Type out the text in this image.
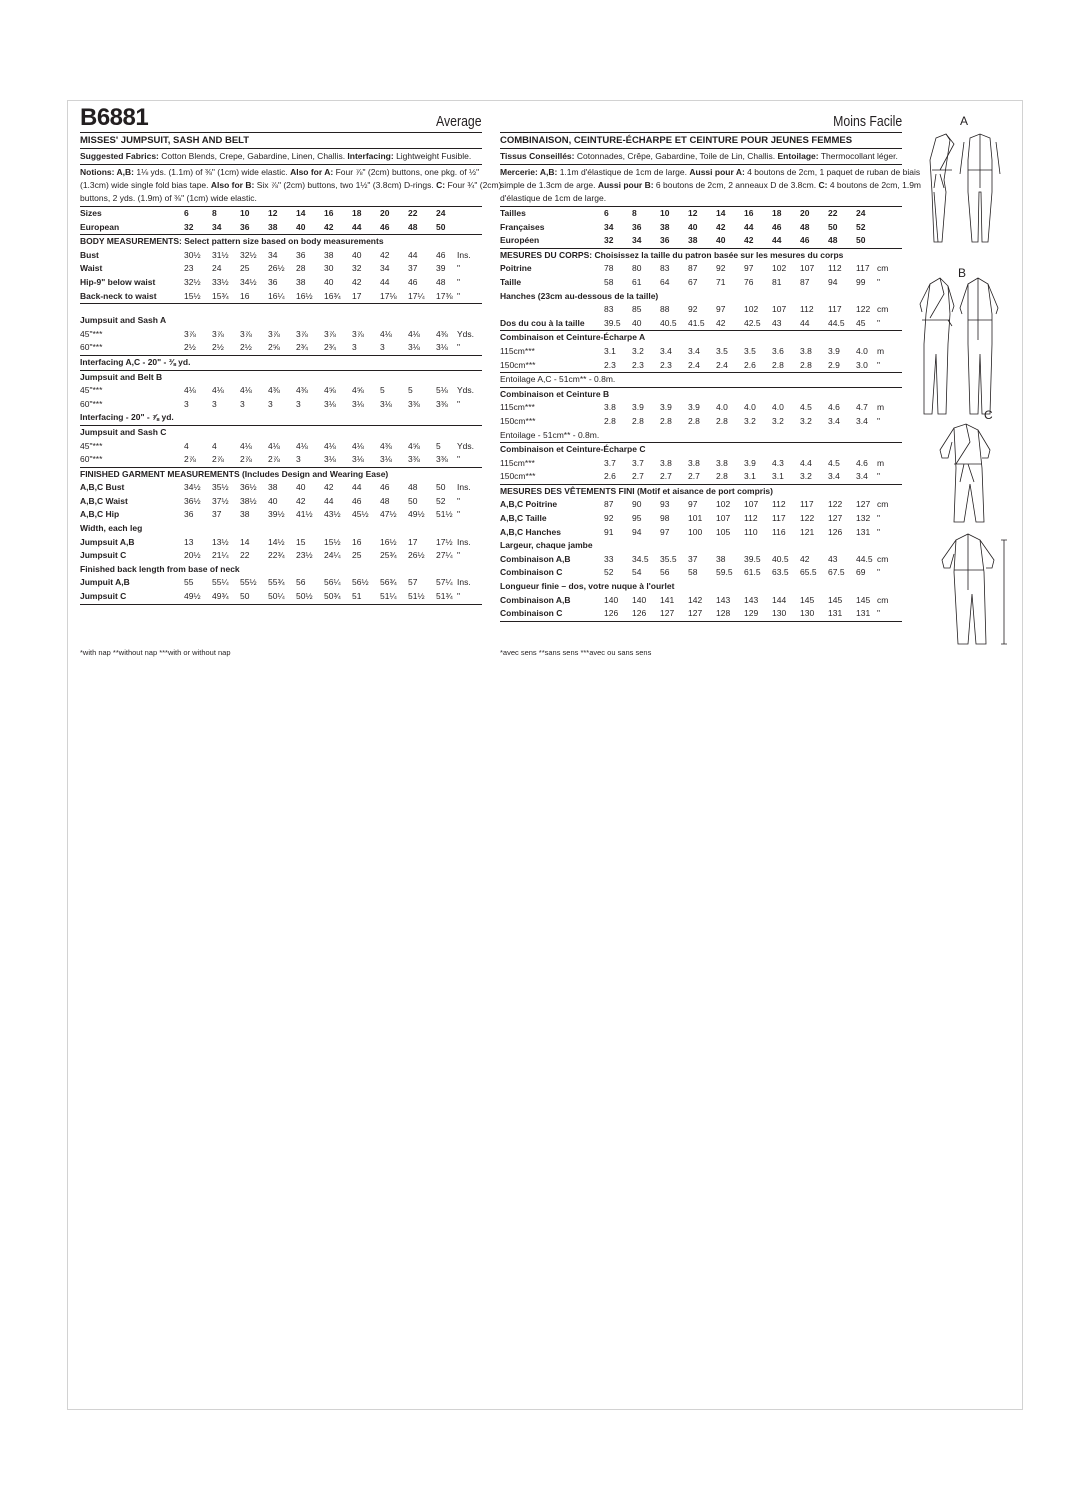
B6881	Average
MISSES' JUMPSUIT, SASH AND BELT
Suggested Fabrics: Cotton Blends, Crepe, Gabardine, Linen, Challis. Interfacing: Lightweight Fusible.
Notions: A,B: 1⅛ yds. (1.1m) of ⅜" (1cm) wide elastic. Also for A: Four ⅞" (2cm) buttons, one pkg. of ½"
(1.3cm) wide single fold bias tape. Also for B: Six ⅞" (2cm) buttons, two 1½" (3.8cm) D-rings. C: Four ¾" (2cm)
buttons, 2 yds. (1.9m) of ⅜" (1cm) wide elastic.
Sizes	6	8	10 12 14 16 18 20 22 24
European	32 34 36 38 40 42 44 46 48 50
BODY MEASUREMENTS: Select pattern size based on body measurements
Bust	30½ 31½ 32½ 34 36 38 40 42 44 46 Ins.
Waist	23 24 25 26½ 28 30 32 34 37 39 "
Hip-9" below waist	32½ 33½ 34½ 36 38 40 42 44 46 48 "
Back-neck to waist	15½ 15¾ 16 16¼ 16½ 16¾ 17 17⅛ 17¼ 17⅜ "
Jumpsuit and Sash A
45"***	3⅞ 3⅞ 3⅞ 3⅞ 3⅞ 3⅞ 3⅞ 4⅛ 4⅛ 4⅜ Yds.
60"***	2½ 2½ 2½ 2⅝ 2¾ 2¾ 3	3	3⅛ 3⅛ "
Interfacing A,C - 20" - ⅜ yd.
Jumpsuit and Belt B
45"***	4⅛ 4⅛ 4⅛ 4⅜ 4⅜ 4⅝ 4⅝ 5	5	5⅛ Yds.
60"***	3	3	3	3	3	3⅛ 3⅛ 3⅛ 3⅜ 3⅜ "
Interfacing - 20" - ⅞ yd.
Jumpsuit and Sash C
45"***	4	4	4⅛ 4⅛ 4⅛ 4⅛ 4⅛ 4⅜ 4⅝ 5 Yds.
60"***	2⅞ 2⅞ 2⅞ 2⅞ 3	3⅛ 3⅛ 3⅛ 3⅜ 3⅜ "
FINISHED GARMENT MEASUREMENTS (Includes Design and Wearing Ease)
A,B,C Bust	34½ 35½ 36½ 38 40 42 44 46 48 50 Ins.
A,B,C Waist	36½ 37½ 38½ 40 42 44 46 48 50 52 "
A,B,C Hip	36 37 38 39½ 41½ 43½ 45½ 47½ 49½ 51½ "
Width, each leg
Jumpsuit A,B	13 13½ 14 14½ 15 15½ 16 16½ 17 17½ Ins.
Jumpsuit C	20½ 21¼ 22 22¾ 23½ 24¼ 25 25¾ 26½ 27¼ "
Finished back length from base of neck
Jumpuit A,B	55 55¼ 55½ 55¾ 56 56¼ 56½ 56¾ 57 57¼ Ins.
Jumpsuit C	49½ 49¾ 50 50¼ 50½ 50¾ 51 51¼ 51½ 51¾ "
Moins Facile
COMBINAISON, CEINTURE-ÉCHARPE ET CEINTURE POUR JEUNES FEMMES
Tissus Conseillés: Cotonnades, Crêpe, Gabardine, Toile de Lin, Challis. Entoilage: Thermocollant léger.
Mercerie: A,B: 1.1m d'élastique de 1cm de large. Aussi pour A: 4 boutons de 2cm, 1 paquet de ruban de biais
simple de 1.3cm de arge. Aussi pour B: 6 boutons de 2cm, 2 anneaux D de 3.8cm. C: 4 boutons de 2cm, 1.9m
d'élastique de 1cm de large.
Tailles	6	8	10 12 14 16 18 20 22 24
Françaises	34 36 38 40 42 44 46 48 50 52
Européen	32 34 36 38 40 42 44 46 48 50
MESURES DU CORPS: Choisissez la taille du patron basée sur les mesures du corps
Poitrine	78 80 83 87 92 97 102 107 112 117 cm
Taille	58 61 64 67 71 76 81 87 94 99 "
Hanches (23cm au-dessous de la taille)
83 85 88 92 97 102 107 112 117 122 cm
Dos du cou à la taille 39.5 40 40.5 41.5 42 42.5 43 44 44.5 45 "
Combinaison et Ceinture-Écharpe A
115cm***	3.1 3.2 3.4 3.4 3.5 3.5 3.6 3.8 3.9 4.0 m
150cm***	2.3 2.3 2.3 2.4 2.4 2.6 2.8 2.8 2.9 3.0 "
Entoilage A,C - 51cm** - 0.8m.
Combinaison et Ceinture B
115cm***	3.8 3.9 3.9 3.9 4.0 4.0 4.0 4.5 4.6 4.7 m
150cm***	2.8 2.8 2.8 2.8 2.8 3.2 3.2 3.2 3.4 3.4 "
Entoilage - 51cm** - 0.8m.
Combinaison et Ceinture-Écharpe C
115cm***	3.7 3.7 3.8 3.8 3.8 3.9 4.3 4.4 4.5 4.6 m
150cm***	2.6 2.7 2.7 2.7 2.8 3.1 3.1 3.2 3.4 3.4 "
MESURES DES VÊTEMENTS FINI (Motif et aisance de port compris)
A,B,C Poitrine	87 90 93 97 102 107 112 117 122 127 cm
A,B,C Taille	92 95 98 101 107 112 117 122 127 132 "
A,B,C Hanches	91 94 97 100 105 110 116 121 126 131 "
Largeur, chaque jambe
Combinaison A,B	33 34.5 35.5 37 38 39.5 40.5 42 43 44.5 cm
Combinaison C	52 54 56 58 59.5 61.5 63.5 65.5 67.5 69 "
Longueur finie – dos, votre nuque à l'ourlet
Combinaison A,B	140 140 141 142 143 143 144 145 145 145 cm
Combinaison C	126 126 127 127 128 129 130 130 131 131 "
*with nap **without nap ***with or without nap	*avec sens **sans sens ***avec ou sans sens
A
B
C
